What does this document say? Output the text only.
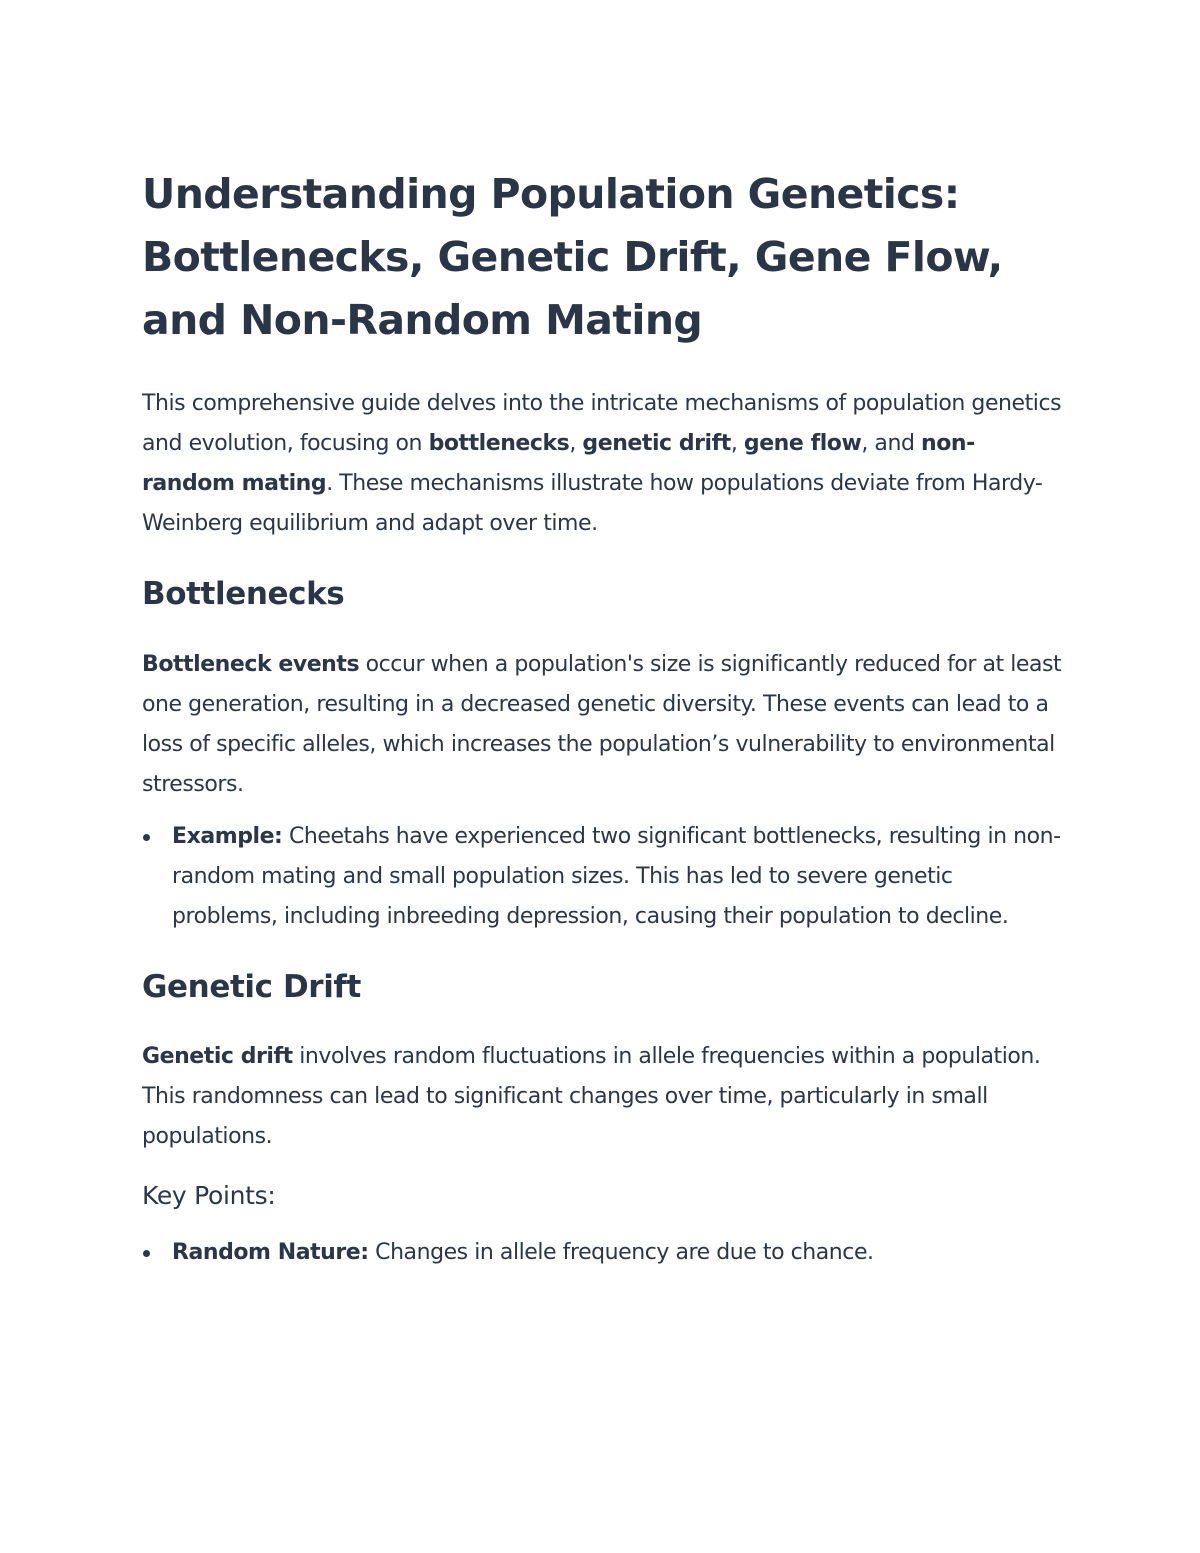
Understanding Population Genetics: Bottlenecks, Genetic Drift, Gene Flow, and Non-Random Mating

This comprehensive guide delves into the intricate mechanisms of population genetics and evolution, focusing on bottlenecks, genetic drift, gene flow, and non-random mating. These mechanisms illustrate how populations deviate from Hardy-Weinberg equilibrium and adapt over time.

Bottlenecks

Bottleneck events occur when a population's size is significantly reduced for at least one generation, resulting in a decreased genetic diversity. These events can lead to a loss of specific alleles, which increases the population’s vulnerability to environmental stressors.

Example: Cheetahs have experienced two significant bottlenecks, resulting in non-random mating and small population sizes. This has led to severe genetic problems, including inbreeding depression, causing their population to decline.
Genetic Drift

Genetic drift involves random fluctuations in allele frequencies within a population. This randomness can lead to significant changes over time, particularly in small populations.

Key Points:
Random Nature: Changes in allele frequency are due to chance.
